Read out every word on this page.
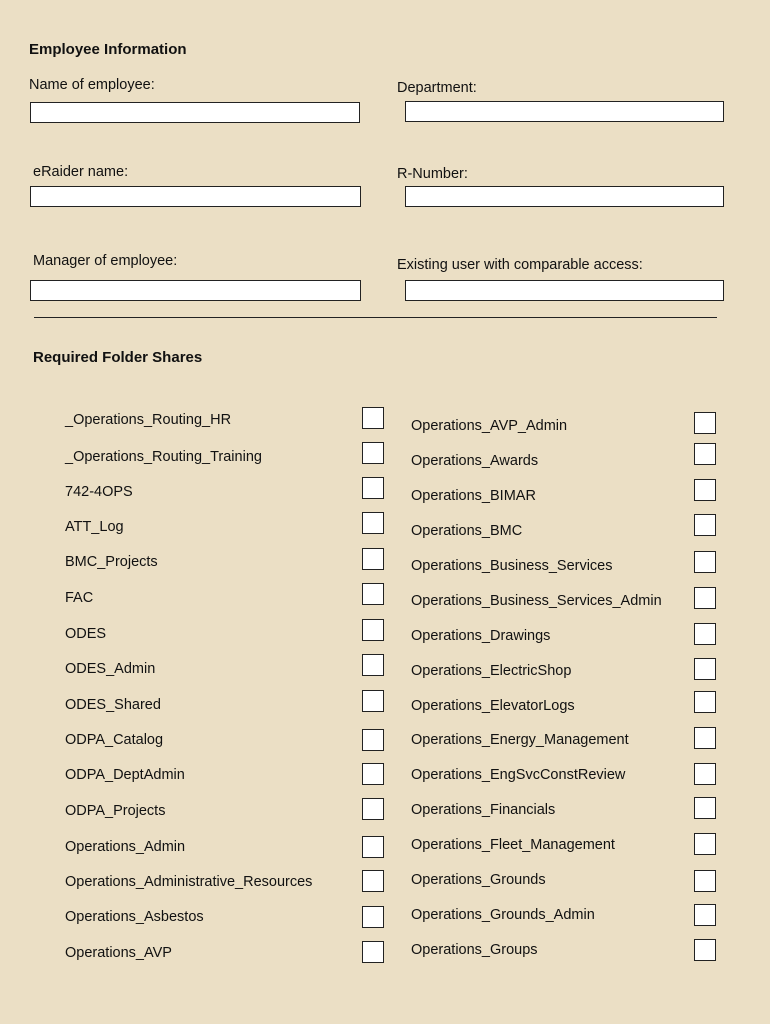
Employee Information
Name of employee:	Department:
eRaider name:	R-Number:
Manager of employee:	Existing user with comparable access:
Required Folder Shares
_Operations_Routing_HR
_Operations_Routing_Training
742-4OPS
ATT_Log
BMC_Projects
FAC
ODES
ODES_Admin
ODES_Shared
ODPA_Catalog
ODPA_DeptAdmin
ODPA_Projects
Operations_Admin
Operations_Administrative_Resources
Operations_Asbestos
Operations_AVP
Operations_AVP_Admin
Operations_Awards
Operations_BIMAR
Operations_BMC
Operations_Business_Services
Operations_Business_Services_Admin
Operations_Drawings
Operations_ElectricShop
Operations_ElevatorLogs
Operations_Energy_Management
Operations_EngSvcConstReview
Operations_Financials
Operations_Fleet_Management
Operations_Grounds
Operations_Grounds_Admin
Operations_Groups
